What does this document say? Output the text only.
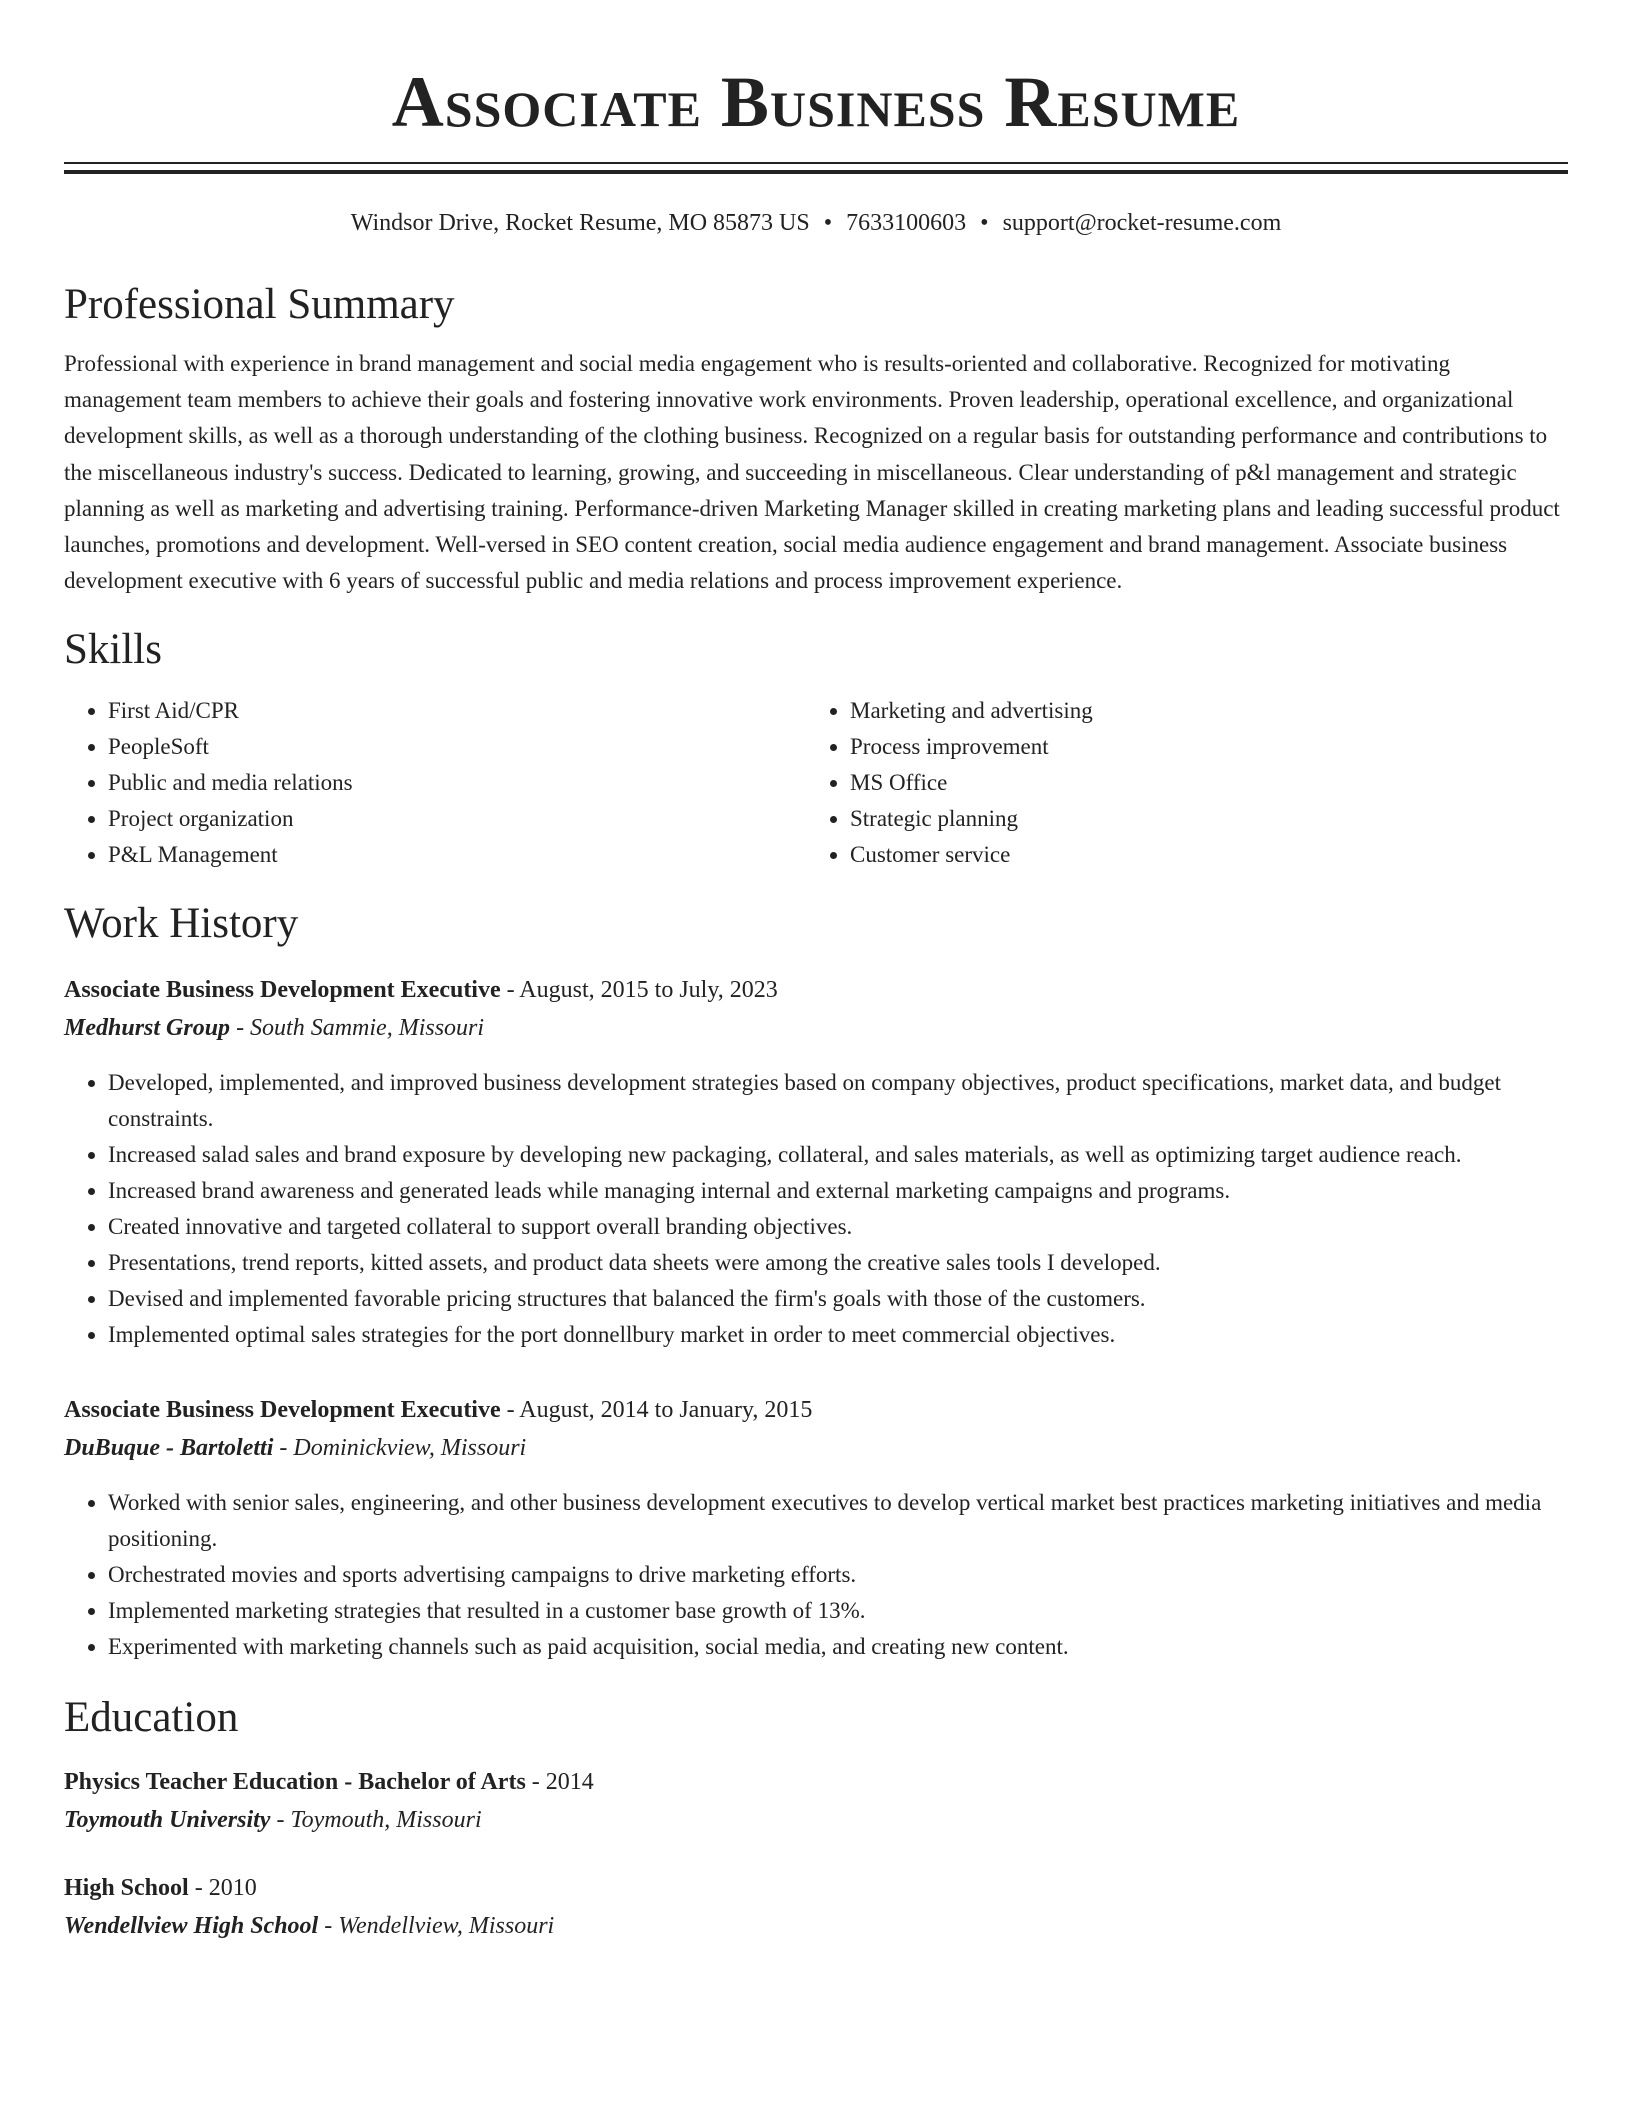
Associate Business Resume
Windsor Drive, Rocket Resume, MO 85873 US • 7633100603 • support@rocket-resume.com
Professional Summary
Professional with experience in brand management and social media engagement who is results-oriented and collaborative. Recognized for motivating management team members to achieve their goals and fostering innovative work environments. Proven leadership, operational excellence, and organizational development skills, as well as a thorough understanding of the clothing business. Recognized on a regular basis for outstanding performance and contributions to the miscellaneous industry's success. Dedicated to learning, growing, and succeeding in miscellaneous. Clear understanding of p&l management and strategic planning as well as marketing and advertising training. Performance-driven Marketing Manager skilled in creating marketing plans and leading successful product launches, promotions and development. Well-versed in SEO content creation, social media audience engagement and brand management. Associate business development executive with 6 years of successful public and media relations and process improvement experience.
Skills
• First Aid/CPR
• PeopleSoft
• Public and media relations
• Project organization
• P&L Management
• Marketing and advertising
• Process improvement
• MS Office
• Strategic planning
• Customer service
Work History
Associate Business Development Executive - August, 2015 to July, 2023
Medhurst Group - South Sammie, Missouri
• Developed, implemented, and improved business development strategies based on company objectives, product specifications, market data, and budget constraints.
• Increased salad sales and brand exposure by developing new packaging, collateral, and sales materials, as well as optimizing target audience reach.
• Increased brand awareness and generated leads while managing internal and external marketing campaigns and programs.
• Created innovative and targeted collateral to support overall branding objectives.
• Presentations, trend reports, kitted assets, and product data sheets were among the creative sales tools I developed.
• Devised and implemented favorable pricing structures that balanced the firm's goals with those of the customers.
• Implemented optimal sales strategies for the port donnellbury market in order to meet commercial objectives.
Associate Business Development Executive - August, 2014 to January, 2015
DuBuque - Bartoletti - Dominickview, Missouri
• Worked with senior sales, engineering, and other business development executives to develop vertical market best practices marketing initiatives and media positioning.
• Orchestrated movies and sports advertising campaigns to drive marketing efforts.
• Implemented marketing strategies that resulted in a customer base growth of 13%.
• Experimented with marketing channels such as paid acquisition, social media, and creating new content.
Education
Physics Teacher Education - Bachelor of Arts - 2014
Toymouth University - Toymouth, Missouri
High School - 2010
Wendellview High School - Wendellview, Missouri
